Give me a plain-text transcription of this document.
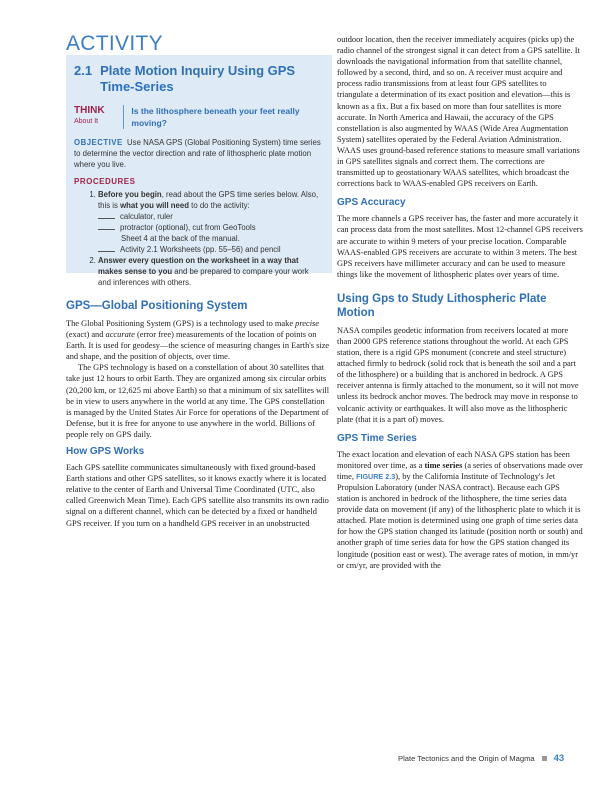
ACTIVITY
2.1 Plate Motion Inquiry Using GPS Time-Series
THINK
About It
Is the lithosphere beneath your feet really moving?

OBJECTIVE Use NASA GPS (Global Positioning System) time series to determine the vector direction and rate of lithospheric plate motion where you live.

PROCEDURES

1. Before you begin, read about the GPS time series below. Also, this is what you will need to do the activity:

calculator, ruler
protractor (optional), cut from GeoTools
Sheet 4 at the back of the manual.
Activity 2.1 Worksheets (pp. 55–56) and pencil

2. Answer every question on the worksheet in a way that makes sense to you and be prepared to compare your work and inferences with others.

GPS—Global Positioning System

The Global Positioning System (GPS) is a technology used to make precise (exact) and accurate (error free) measurements of the location of points on Earth. It is used for geodesy—the science of measuring changes in Earth's size and shape, and the position of objects, over time.

The GPS technology is based on a constellation of about 30 satellites that take just 12 hours to orbit Earth. They are organized among six circular orbits (20,200 km, or 12,625 mi above Earth) so that a minimum of six satellites will be in view to users anywhere in the world at any time. The GPS constellation is managed by the United States Air Force for operations of the Department of Defense, but it is free for anyone to use anywhere in the world. Billions of people rely on GPS daily.

How GPS Works

Each GPS satellite communicates simultaneously with fixed ground-based Earth stations and other GPS satellites, so it knows exactly where it is located relative to the center of Earth and Universal Time Coordinated (UTC, also called Greenwich Mean Time). Each GPS satellite also transmits its own radio signal on a different channel, which can be detected by a fixed or handheld GPS receiver. If you turn on a handheld GPS receiver in an unobstructed

outdoor location, then the receiver immediately acquires (picks up) the radio channel of the strongest signal it can detect from a GPS satellite. It downloads the navigational information from that satellite channel, followed by a second, third, and so on. A receiver must acquire and process radio transmissions from at least four GPS satellites to triangulate a determination of its exact position and elevation—this is known as a fix. But a fix based on more than four satellites is more accurate. In North America and Hawaii, the accuracy of the GPS constellation is also augmented by WAAS (Wide Area Augmentation System) satellites operated by the Federal Aviation Administration. WAAS uses ground-based reference stations to measure small variations in GPS satellites signals and correct them. The corrections are transmitted up to geostationary WAAS satellites, which broadcast the corrections back to WAAS-enabled GPS receivers on Earth.

GPS Accuracy

The more channels a GPS receiver has, the faster and more accurately it can process data from the most satellites. Most 12-channel GPS receivers are accurate to within 9 meters of your precise location. Comparable WAAS-enabled GPS receivers are accurate to within 3 meters. The best GPS receivers have millimeter accuracy and can be used to measure things like the movement of lithospheric plates over years of time.

Using Gps to Study Lithospheric Plate Motion

NASA compiles geodetic information from receivers located at more than 2000 GPS reference stations throughout the world. At each GPS station, there is a rigid GPS monument (concrete and steel structure) attached firmly to bedrock (solid rock that is beneath the soil and a part of the lithosphere) or a building that is anchored in bedrock. A GPS receiver antenna is firmly attached to the monument, so it will not move unless its bedrock anchor moves. The bedrock may move in response to volcanic activity or earthquakes. It will also move as the lithospheric plate (that it is a part of) moves.

GPS Time Series

The exact location and elevation of each NASA GPS station has been monitored over time, as a time series (a series of observations made over time, FIGURE 2.3), by the California Institute of Technology's Jet Propulsion Laboratory (under NASA contract). Because each GPS station is anchored in bedrock of the lithosphere, the time series data provide data on movement (if any) of the lithospheric plate to which it is attached. Plate motion is determined using one graph of time series data for how the GPS station changed its latitude (position north or south) and another graph of time series data for how the GPS station changed its longitude (position east or west). The average rates of motion, in mm/yr or cm/yr, are provided with the

Plate Tectonics and the Origin of Magma 43
